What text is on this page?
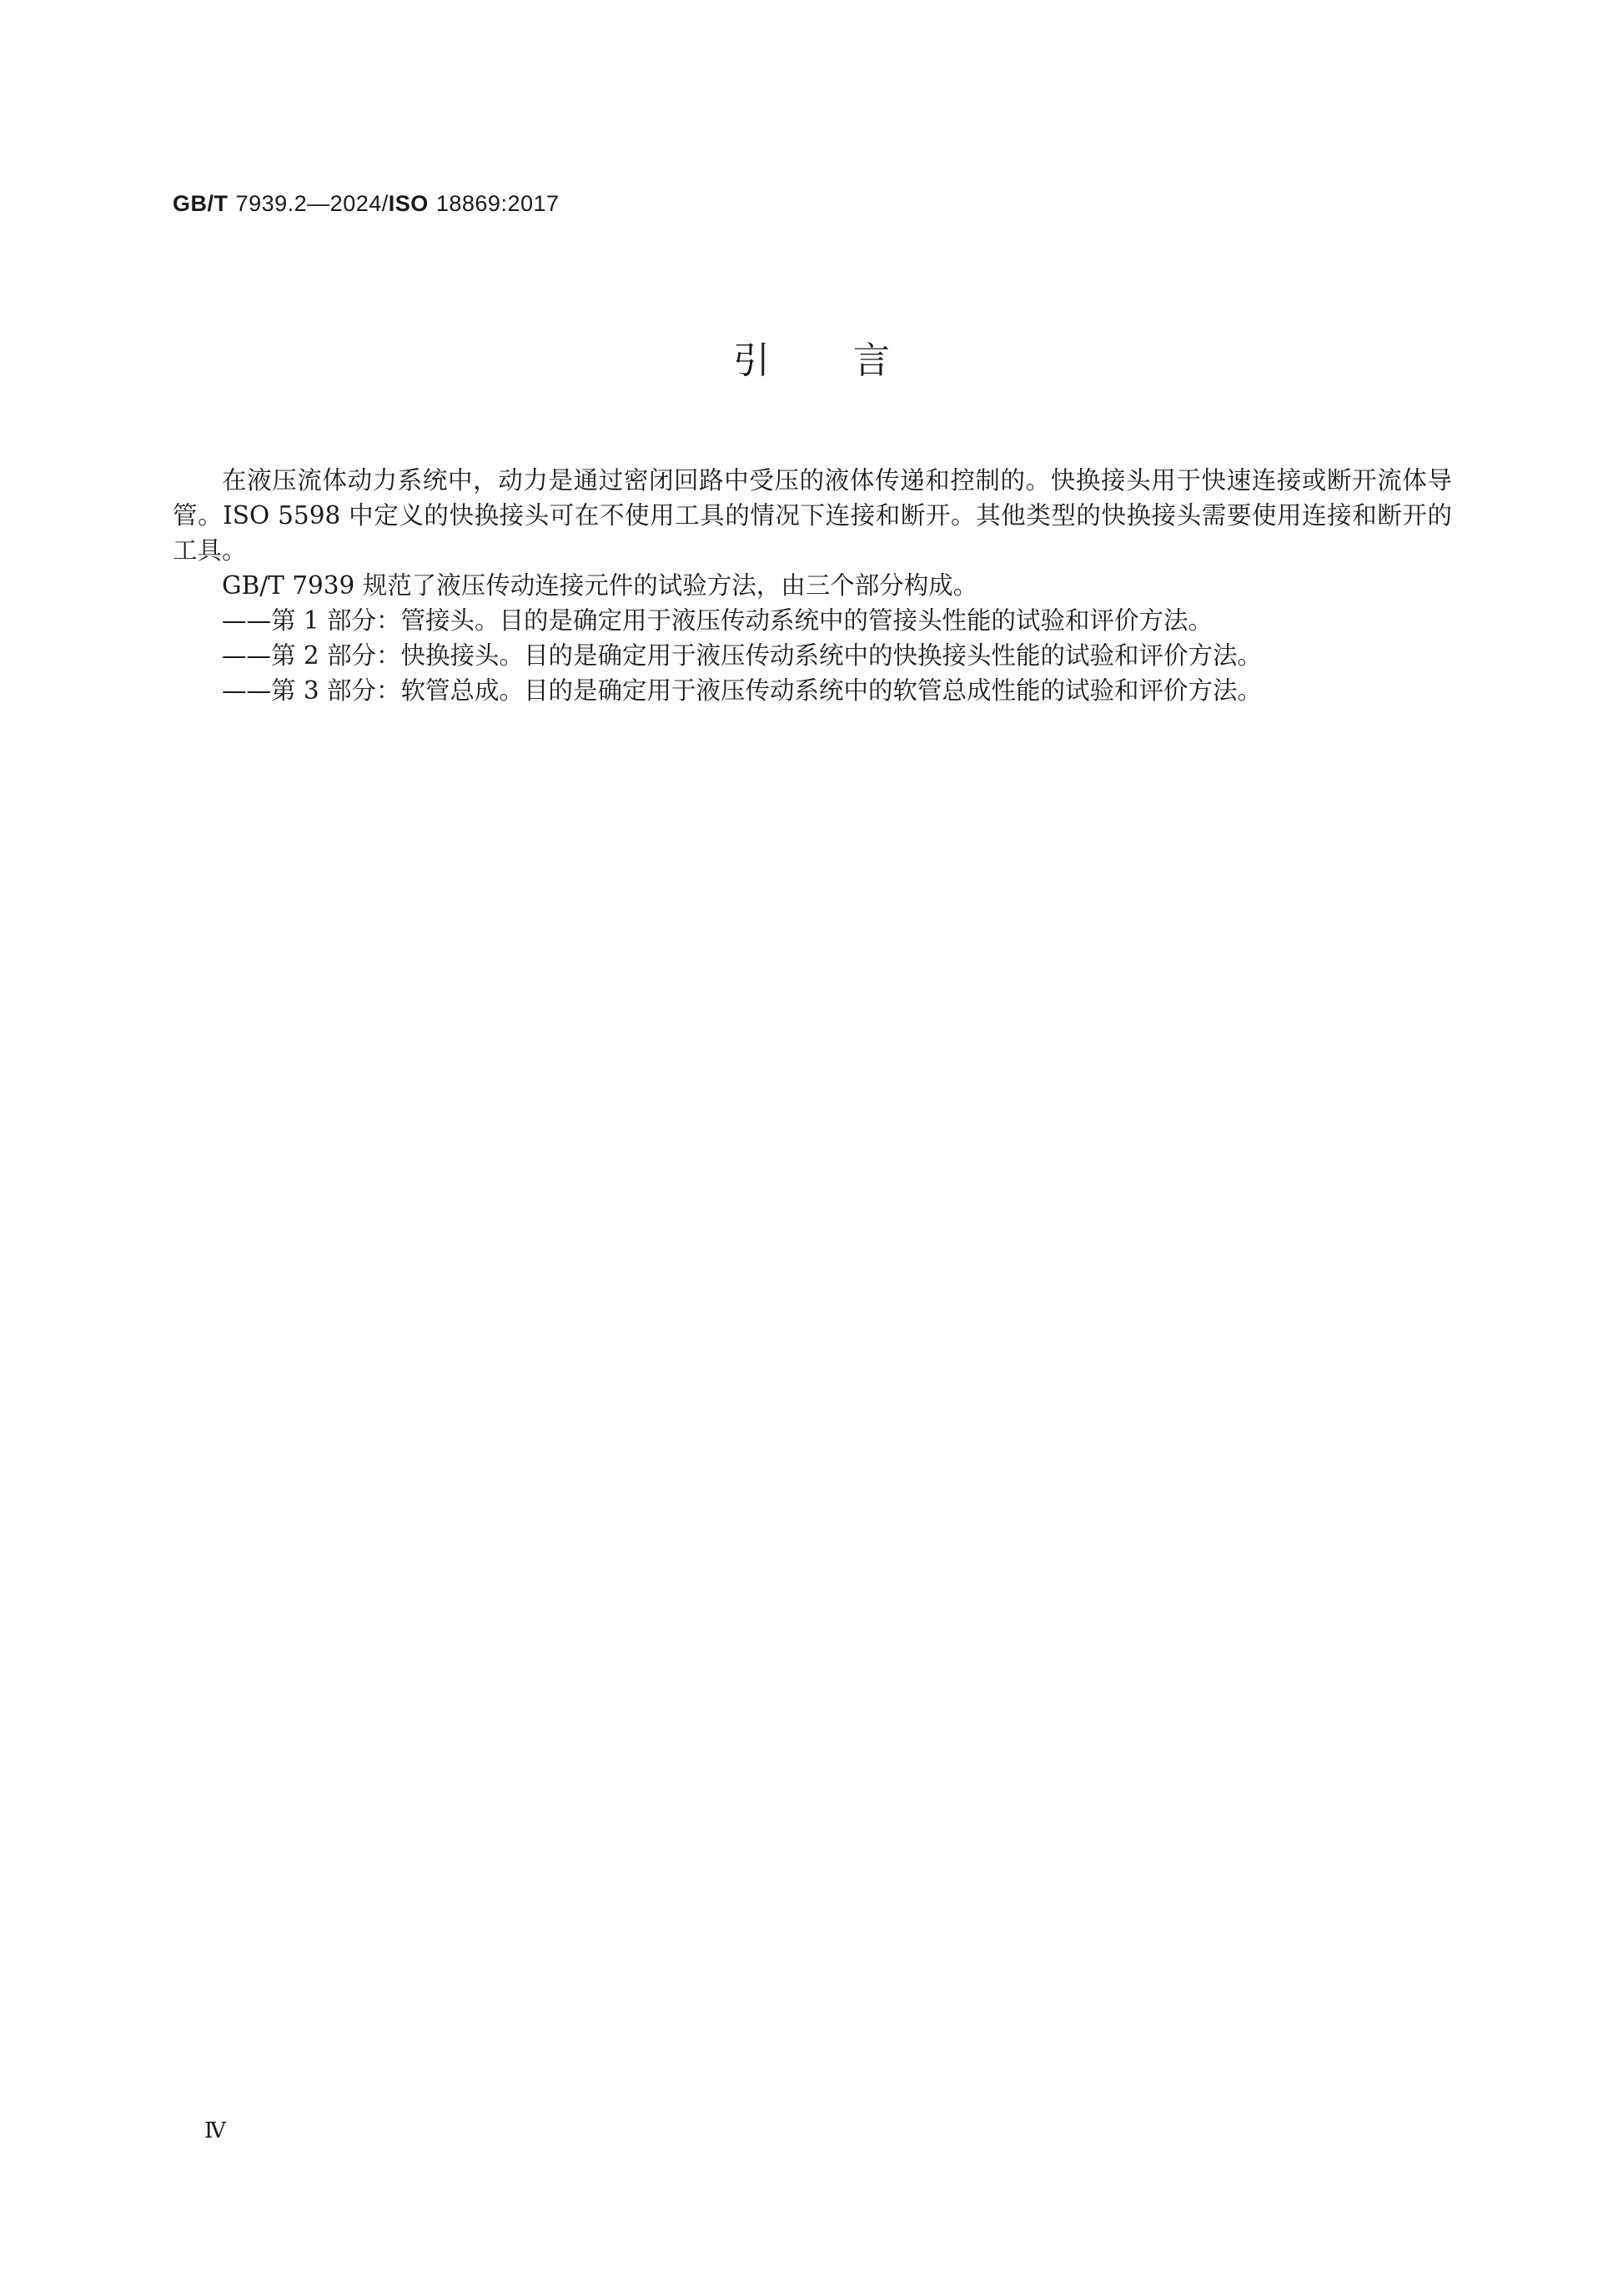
GB/T 7939.2—2024/ISO 18869:2017
引言

在液压流体动力系统中，动力是通过密闭回路中受压的液体传递和控制的。快换接头用于快速连接或断开流体导管。ISO 5598 中定义的快换接头可在不使用工具的情况下连接和断开。其他类型的快换接头需要使用连接和断开的工具。

GB/T 7939 规范了液压传动连接元件的试验方法，由三个部分构成。

——第 1 部分：管接头。目的是确定用于液压传动系统中的管接头性能的试验和评价方法。

——第 2 部分：快换接头。目的是确定用于液压传动系统中的快换接头性能的试验和评价方法。

——第 3 部分：软管总成。目的是确定用于液压传动系统中的软管总成性能的试验和评价方法。

Ⅳ
